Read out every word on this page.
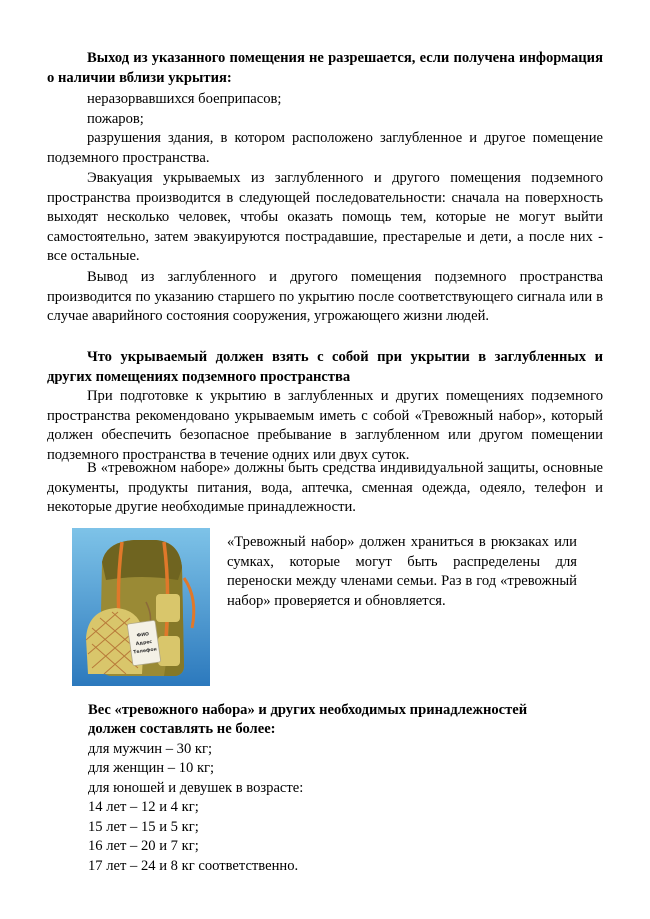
Выход из указанного помещения не разрешается, если получена информация о наличии вблизи укрытия:

неразорвавшихся боеприпасов;

пожаров;

разрушения здания, в котором расположено заглубленное и другое помещение подземного пространства.

Эвакуация укрываемых из заглубленного и другого помещения подземного пространства производится в следующей последовательности: сначала на поверхность выходят несколько человек, чтобы оказать помощь тем, которые не могут выйти самостоятельно, затем эвакуируются пострадавшие, престарелые и дети, а после них - все остальные.

Вывод из заглубленного и другого помещения подземного пространства производится по указанию старшего по укрытию после соответствующего сигнала или в случае аварийного состояния сооружения, угрожающего жизни людей.

Что укрываемый должен взять с собой при укрытии в заглубленных и других помещениях подземного пространства

При подготовке к укрытию в заглубленных и других помещениях подземного пространства рекомендовано укрываемым иметь с собой «Тревожный набор», который должен обеспечить безопасное пребывание в заглубленном или другом помещении подземного пространства в течение одних или двух суток.

В «тревожном наборе» должны быть средства индивидуальной защиты, основные документы, продукты питания, вода, аптечка, сменная одежда, одеяло, телефон и некоторые другие необходимые принадлежности.

ФИО
Адрес
Телефон

«Тревожный набор» должен храниться в рюкзаках или сумках, которые могут быть распределены для переноски между членами семьи. Раз в год «тревожный набор» проверяется и обновляется.

Вес «тревожного набора» и других необходимых принадлежностей

должен составлять не более:

для мужчин – 30 кг;

для женщин – 10 кг;

для юношей и девушек в возрасте:

14 лет – 12 и 4 кг;

15 лет – 15 и 5 кг;

16 лет – 20 и 7 кг;

17 лет – 24 и 8 кг соответственно.
